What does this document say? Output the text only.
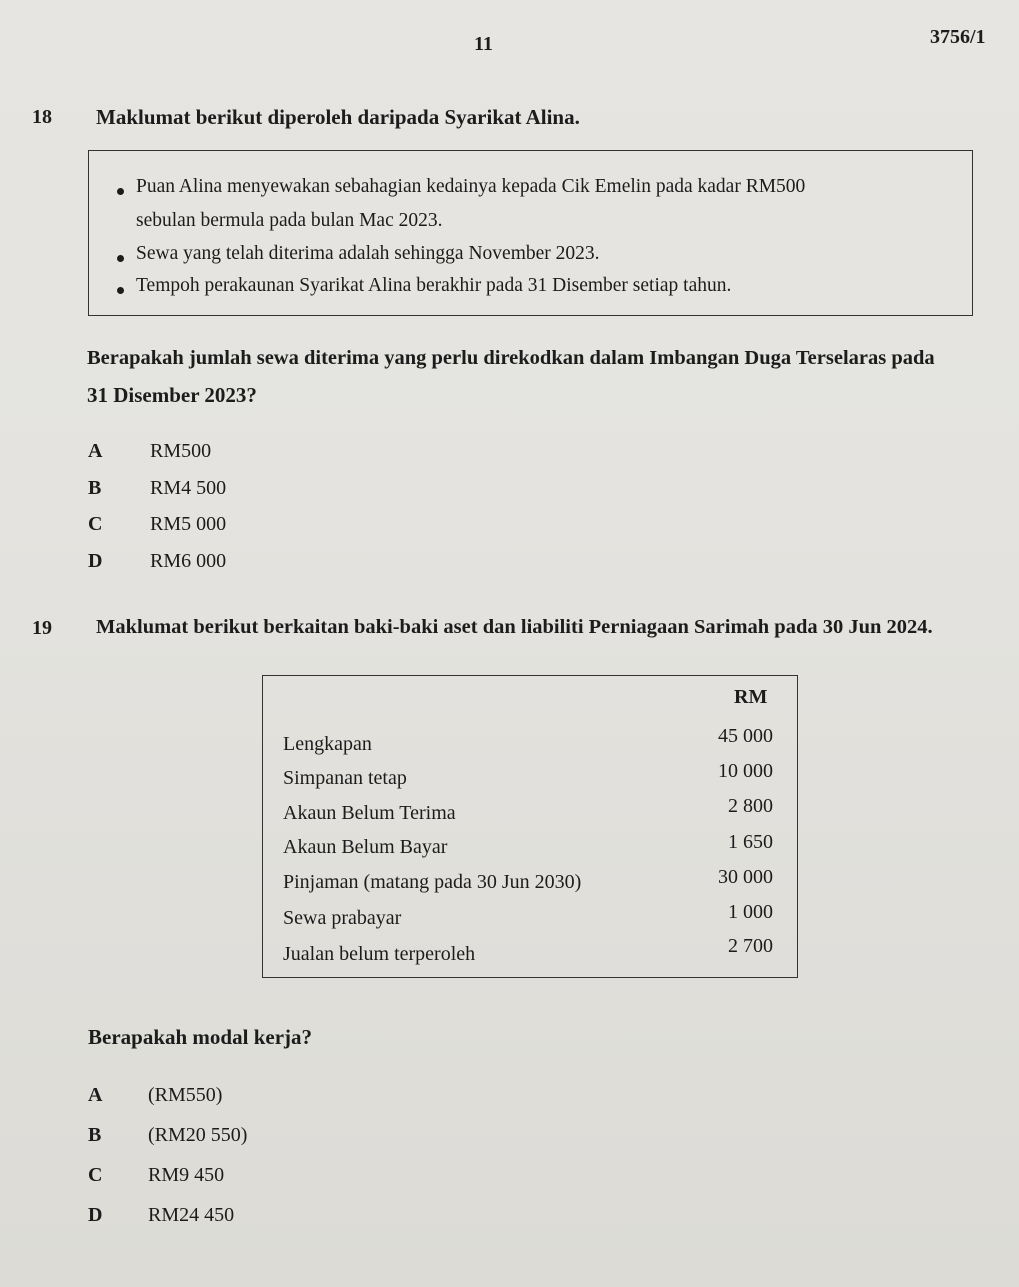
11	3756/1
18 Maklumat berikut diperoleh daripada Syarikat Alina.
Puan Alina menyewakan sebahagian kedainya kepada Cik Emelin pada kadar RM500
sebulan bermula pada bulan Mac 2023.
Sewa yang telah diterima adalah sehingga November 2023.
Tempoh perakaunan Syarikat Alina berakhir pada 31 Disember setiap tahun.
Berapakah jumlah sewa diterima yang perlu direkodkan dalam Imbangan Duga Terselaras pada
31 Disember 2023?
A RM500
B RM4 500
C RM5 000
D RM6 000
19 Maklumat berikut berkaitan baki-baki aset dan liabiliti Perniagaan Sarimah pada 30 Jun 2024.
RM
Lengkapan	45 000
Simpanan tetap	10 000
Akaun Belum Terima	2 800
Akaun Belum Bayar	1 650
Pinjaman (matang pada 30 Jun 2030)	30 000
Sewa prabayar	1 000
Jualan belum terperoleh	2 700
Berapakah modal kerja?
A (RM550)
B (RM20 550)
C RM9 450
D RM24 450
